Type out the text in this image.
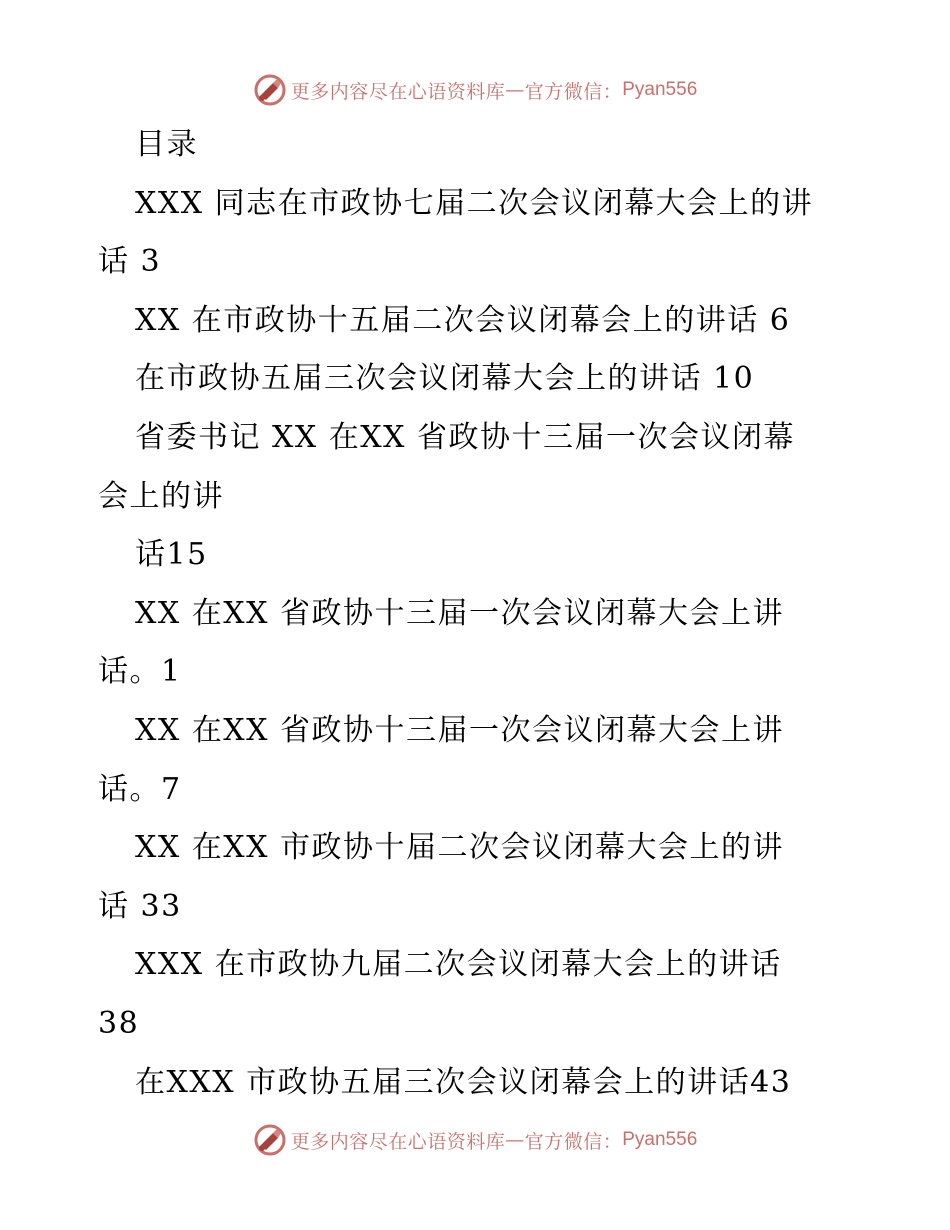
更多内容尽在心语资料库 — 官方微信： Pyan556
目录
XXX 同志在市政协七届二次会议闭幕大会上的讲
话 3
XX 在市政协十五届二次会议闭幕会上的讲话 6
在市政协五届三次会议闭幕大会上的讲话 10
省委书记 XX 在XX 省政协十三届一次会议闭幕
会上的讲
话15
XX 在XX 省政协十三届一次会议闭幕大会上讲
话。1
XX 在XX 省政协十三届一次会议闭幕大会上讲
话。7
XX 在XX 市政协十届二次会议闭幕大会上的讲
话 33
XXX 在市政协九届二次会议闭幕大会上的讲话
38
在XXX 市政协五届三次会议闭幕会上的讲话43
更多内容尽在心语资料库 — 官方微信： Pyan556
